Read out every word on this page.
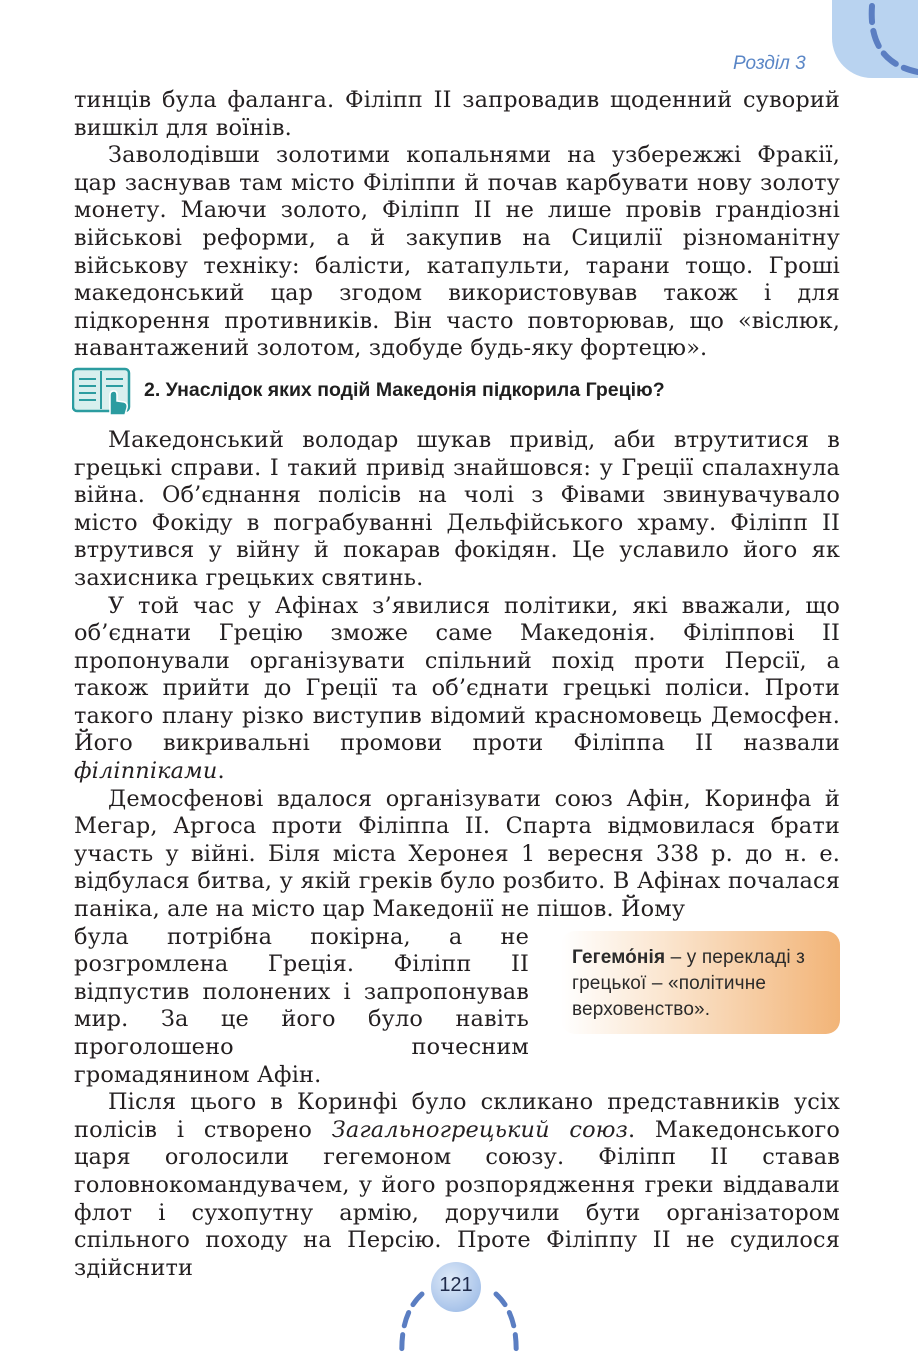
Розділ 3

тинців була фаланга. Філіпп ІІ запровадив щоденний суворий вишкіл для воїнів.

Заволодівши золотими копальнями на узбережжі Фракії, цар заснував там місто Філіппи й почав карбувати нову золоту монету. Маючи золото, Філіпп ІІ не лише провів грандіозні військові реформи, а й закупив на Сицилії різноманітну військову техніку: балісти, катапульти, тарани тощо. Гроші македонський цар згодом використовував також і для підкорення противників. Він часто повторював, що «віслюк, навантажений золотом, здобуде будь-яку фортецю».

2. Унаслідок яких подій Македонія підкорила Грецію?

Македонський володар шукав привід, аби втрутитися в грецькі справи. І такий привід знайшовся: у Греції спалахнула війна. Об’єднання полісів на чолі з Фівами звинувачувало місто Фокіду в пограбуванні Дельфійського храму. Філіпп ІІ втрутився у війну й покарав фокідян. Це уславило його як захисника грецьких святинь.

У той час у Афінах з’явилися політики, які вважали, що об’єднати Грецію зможе саме Македонія. Філіппові ІІ пропонували організувати спільний похід проти Персії, а також прийти до Греції та об’єднати грецькі поліси. Проти такого плану різко виступив відомий красномовець Демосфен. Його викривальні промови проти Філіппа ІІ назвали філіппіками.

Демосфенові вдалося організувати союз Афін, Коринфа й Мегар, Аргоса проти Філіппа ІІ. Спарта відмовилася брати участь у війні. Біля міста Херонея 1 вересня 338 р. до н. е. відбулася битва, у якій греків було розбито. В Афінах почалася паніка, але на місто цар Македонії не пішов. Йому

була потрібна покірна, а не розгромлена Греція. Філіпп ІІ відпустив полонених і запропонував мир. За це його було навіть проголошено почесним громадянином Афін.

Гегемо́нія – у перекладі з грецької – «політичне верховенство».

Після цього в Коринфі було скликано представників усіх полісів і створено Загальногрецький союз. Македонського царя оголосили гегемоном союзу. Філіпп ІІ ставав головнокомандувачем, у його розпорядження греки віддавали флот і сухопутну армію, доручили бути організатором спільного походу на Персію. Проте Філіппу ІІ не судилося здійснити

121
